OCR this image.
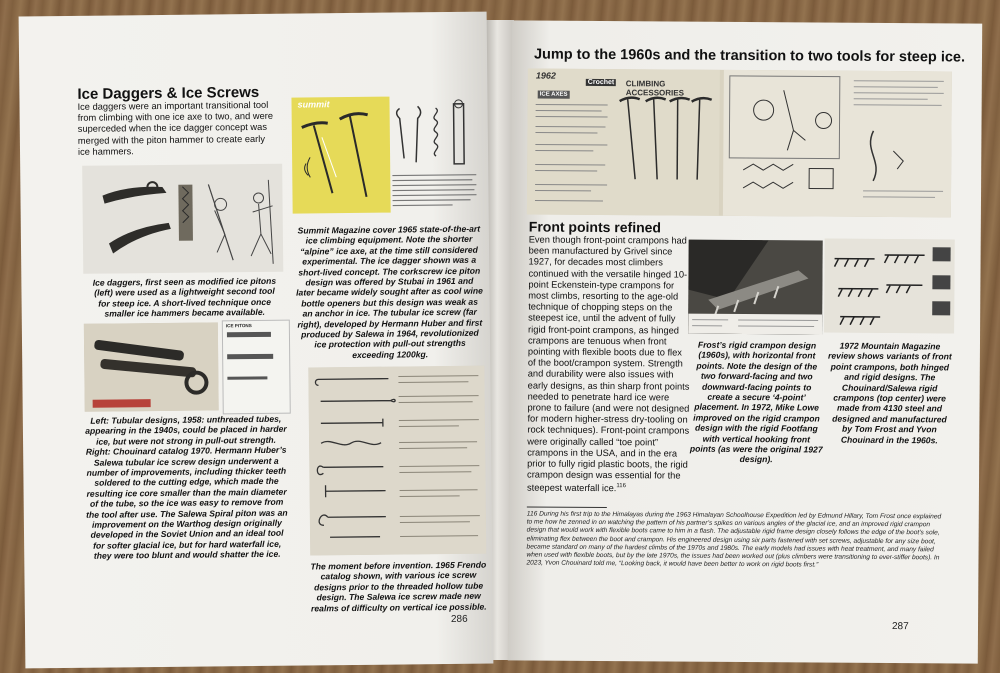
Ice Daggers & Ice Screws
Ice daggers were an important transitional tool from climbing with one ice axe to two, and were superceded when the ice dagger concept was merged with the piton hammer to create early ice hammers.
Ice daggers, first seen as modified ice pitons (left) were used as a lightweight second tool for steep ice. A short-lived technique once smaller ice hammers became available.
ICE PITONS
Left: Tubular designs, 1958: unthreaded tubes, appearing in the 1940s, could be placed in harder ice, but were not strong in pull-out strength. Right: Chouinard catalog 1970. Hermann Huber’s Salewa tubular ice screw design underwent a number of improvements, including thicker teeth soldered to the cutting edge, which made the resulting ice core smaller than the main diameter of the tube, so the ice was easy to remove from the tool after use. The Salewa Spiral piton was an improvement on the Warthog design originally developed in the Soviet Union and an ideal tool for softer glacial ice, but for hard waterfall ice, they were too blunt and would shatter the ice.
summit
Summit Magazine cover 1965 state-of-the-art ice climbing equipment. Note the shorter “alpine” ice axe, at the time still considered experimental. The ice dagger shown was a short-lived concept. The corkscrew ice piton design was offered by Stubai in 1961 and later became widely sought after as cool wine bottle openers but this design was weak as an anchor in ice. The tubular ice screw (far right), developed by Hermann Huber and first produced by Salewa in 1964, revolutionized ice protection with pull-out strengths exceeding 1200kg.
The moment before invention. 1965 Frendo catalog shown, with various ice screw designs prior to the threaded hollow tube design. The Salewa ice screw made new realms of difficulty on vertical ice possible.
286
Jump to the 1960s and the transition to two tools for steep ice.
1962
Crochet CLIMBING ACCESSORIES
ICE AXES
Front points refined
Even though front-point crampons had been manufactured by Grivel since 1927, for decades most climbers continued with the versatile hinged 10-point Eckenstein-type crampons for most climbs, resorting to the age-old technique of chopping steps on the steepest ice, until the advent of fully rigid front-point crampons, as hinged crampons are tenuous when front pointing with flexible boots due to flex of the boot/crampon system. Strength and durability were also issues with early designs, as thin sharp front points needed to penetrate hard ice were prone to failure (and were not designed for modern higher-stress dry-tooling on rock techniques). Front-point crampons were originally called “toe point” crampons in the USA, and in the era prior to fully rigid plastic boots, the rigid crampon design was essential for the steepest waterfall ice.$^{116}$
Frost’s rigid crampon design (1960s), with horizontal front points. Note the design of the two forward-facing and two downward-facing points to create a secure ‘4-point’ placement. In 1972, Mike Lowe improved on the rigid crampon design with the rigid Footfang with vertical hooking front points (as were the original 1927 design).
1972 Mountain Magazine review shows variants of front point crampons, both hinged and rigid designs. The Chouinard/Salewa rigid crampons (top center) were made from 4130 steel and designed and manufactured by Tom Frost and Yvon Chouinard in the 1960s.
116 During his first trip to the Himalayas during the 1963 Himalayan Schoolhouse Expedition led by Edmund Hillary, Tom Frost once explained to me how he zenned in on watching the pattern of his partner’s spikes on various angles of the glacial ice, and an improved rigid crampon design that would work with flexible boots came to him in a flash. The adjustable rigid frame design closely follows the edge of the boot’s sole, eliminating flex between the boot and crampon. His engineered design using six parts fastened with set screws, adjustable for any size boot, became standard on many of the hardest climbs of the 1970s and 1980s. The early models had issues with heat treatment, and many failed when used with flexible boots, but by the late 1970s, the issues had been worked out (plus climbers were transitioning to ever-stiffer boots). In 2023, Yvon Chouinard told me, “Looking back, it would have been better to work on rigid boots first.”
287
